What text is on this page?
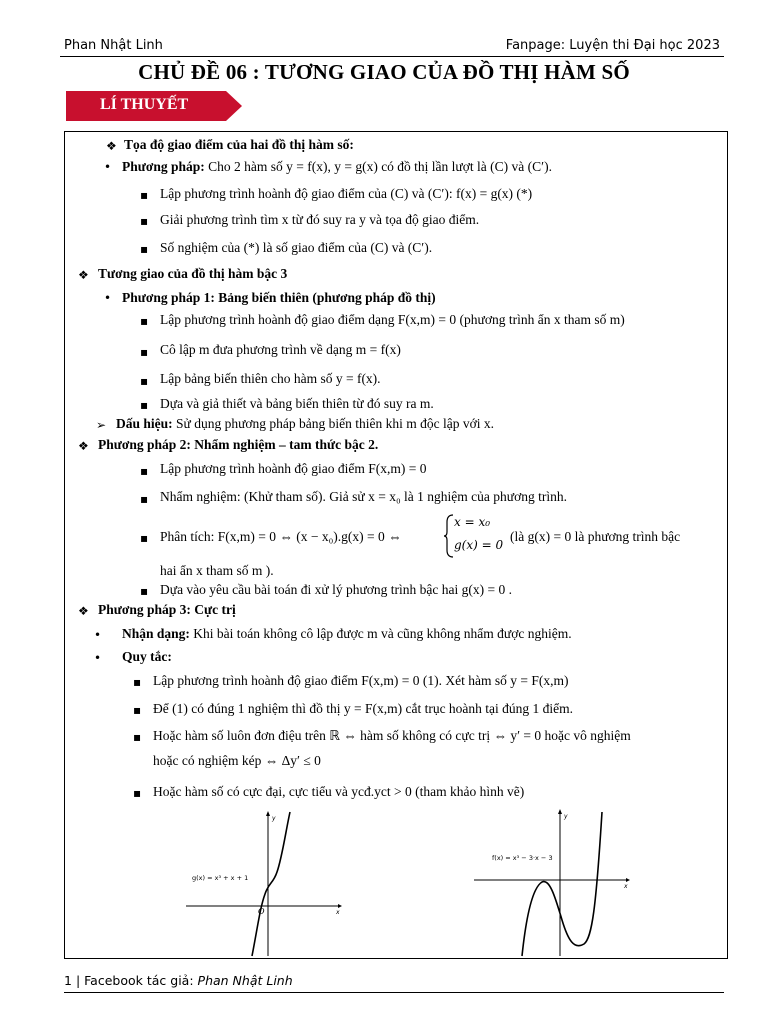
Phan Nhật Linh	Fanpage: Luyện thi Đại học 2023
CHỦ ĐỀ 06 : TƯƠNG GIAO CỦA ĐỒ THỊ HÀM SỐ
LÍ THUYẾT
❖ Tọa độ giao điểm của hai đồ thị hàm số:
• Phương pháp: Cho 2 hàm số y = f(x), y = g(x) có đồ thị lần lượt là (C) và (C′).
▪ Lập phương trình hoành độ giao điểm của (C) và (C′): f(x) = g(x) (*)
▪ Giải phương trình tìm x từ đó suy ra y và tọa độ giao điểm.
▪ Số nghiệm của (*) là số giao điểm của (C) và (C′).
❖ Tương giao của đồ thị hàm bậc 3
• Phương pháp 1: Bảng biến thiên (phương pháp đồ thị)
▪ Lập phương trình hoành độ giao điểm dạng F(x,m) = 0 (phương trình ẩn x tham số m)
▪ Cô lập m đưa phương trình về dạng m = f(x)
▪ Lập bảng biến thiên cho hàm số y = f(x).
▪ Dựa và giả thiết và bảng biến thiên từ đó suy ra m.
➢ Dấu hiệu: Sử dụng phương pháp bảng biến thiên khi m độc lập với x.
❖ Phương pháp 2: Nhẩm nghiệm – tam thức bậc 2.
▪ Lập phương trình hoành độ giao điểm F(x,m) = 0
▪ Nhẩm nghiệm: (Khử tham số). Giả sử x = x₀ là 1 nghiệm của phương trình.
▪ Phân tích: F(x,m) = 0 ⇔ (x − x₀).g(x) = 0 ⇔
x = x₀
g(x) = 0
(là g(x) = 0 là phương trình bậc
hai ẩn x tham số m ).
▪ Dựa vào yêu cầu bài toán đi xử lý phương trình bậc hai g(x) = 0 .
❖ Phương pháp 3: Cực trị
• Nhận dạng: Khi bài toán không cô lập được m và cũng không nhẩm được nghiệm.
• Quy tắc:
▪ Lập phương trình hoành độ giao điểm F(x,m) = 0 (1). Xét hàm số y = F(x,m)
▪ Để (1) có đúng 1 nghiệm thì đồ thị y = F(x,m) cắt trục hoành tại đúng 1 điểm.
▪ Hoặc hàm số luôn đơn điệu trên ℝ ⇔ hàm số không có cực trị ⇔ y′ = 0 hoặc vô nghiệm
hoặc có nghiệm kép ⇔ Δy′ ≤ 0
▪ Hoặc hàm số có cực đại, cực tiểu và ycđ.yct > 0 (tham khảo hình vẽ)
g(x) = x³ + x + 1
O	x
y
f(x) = x³ − 3·x − 3
x
y
1 | Facebook tác giả: Phan Nhật Linh
